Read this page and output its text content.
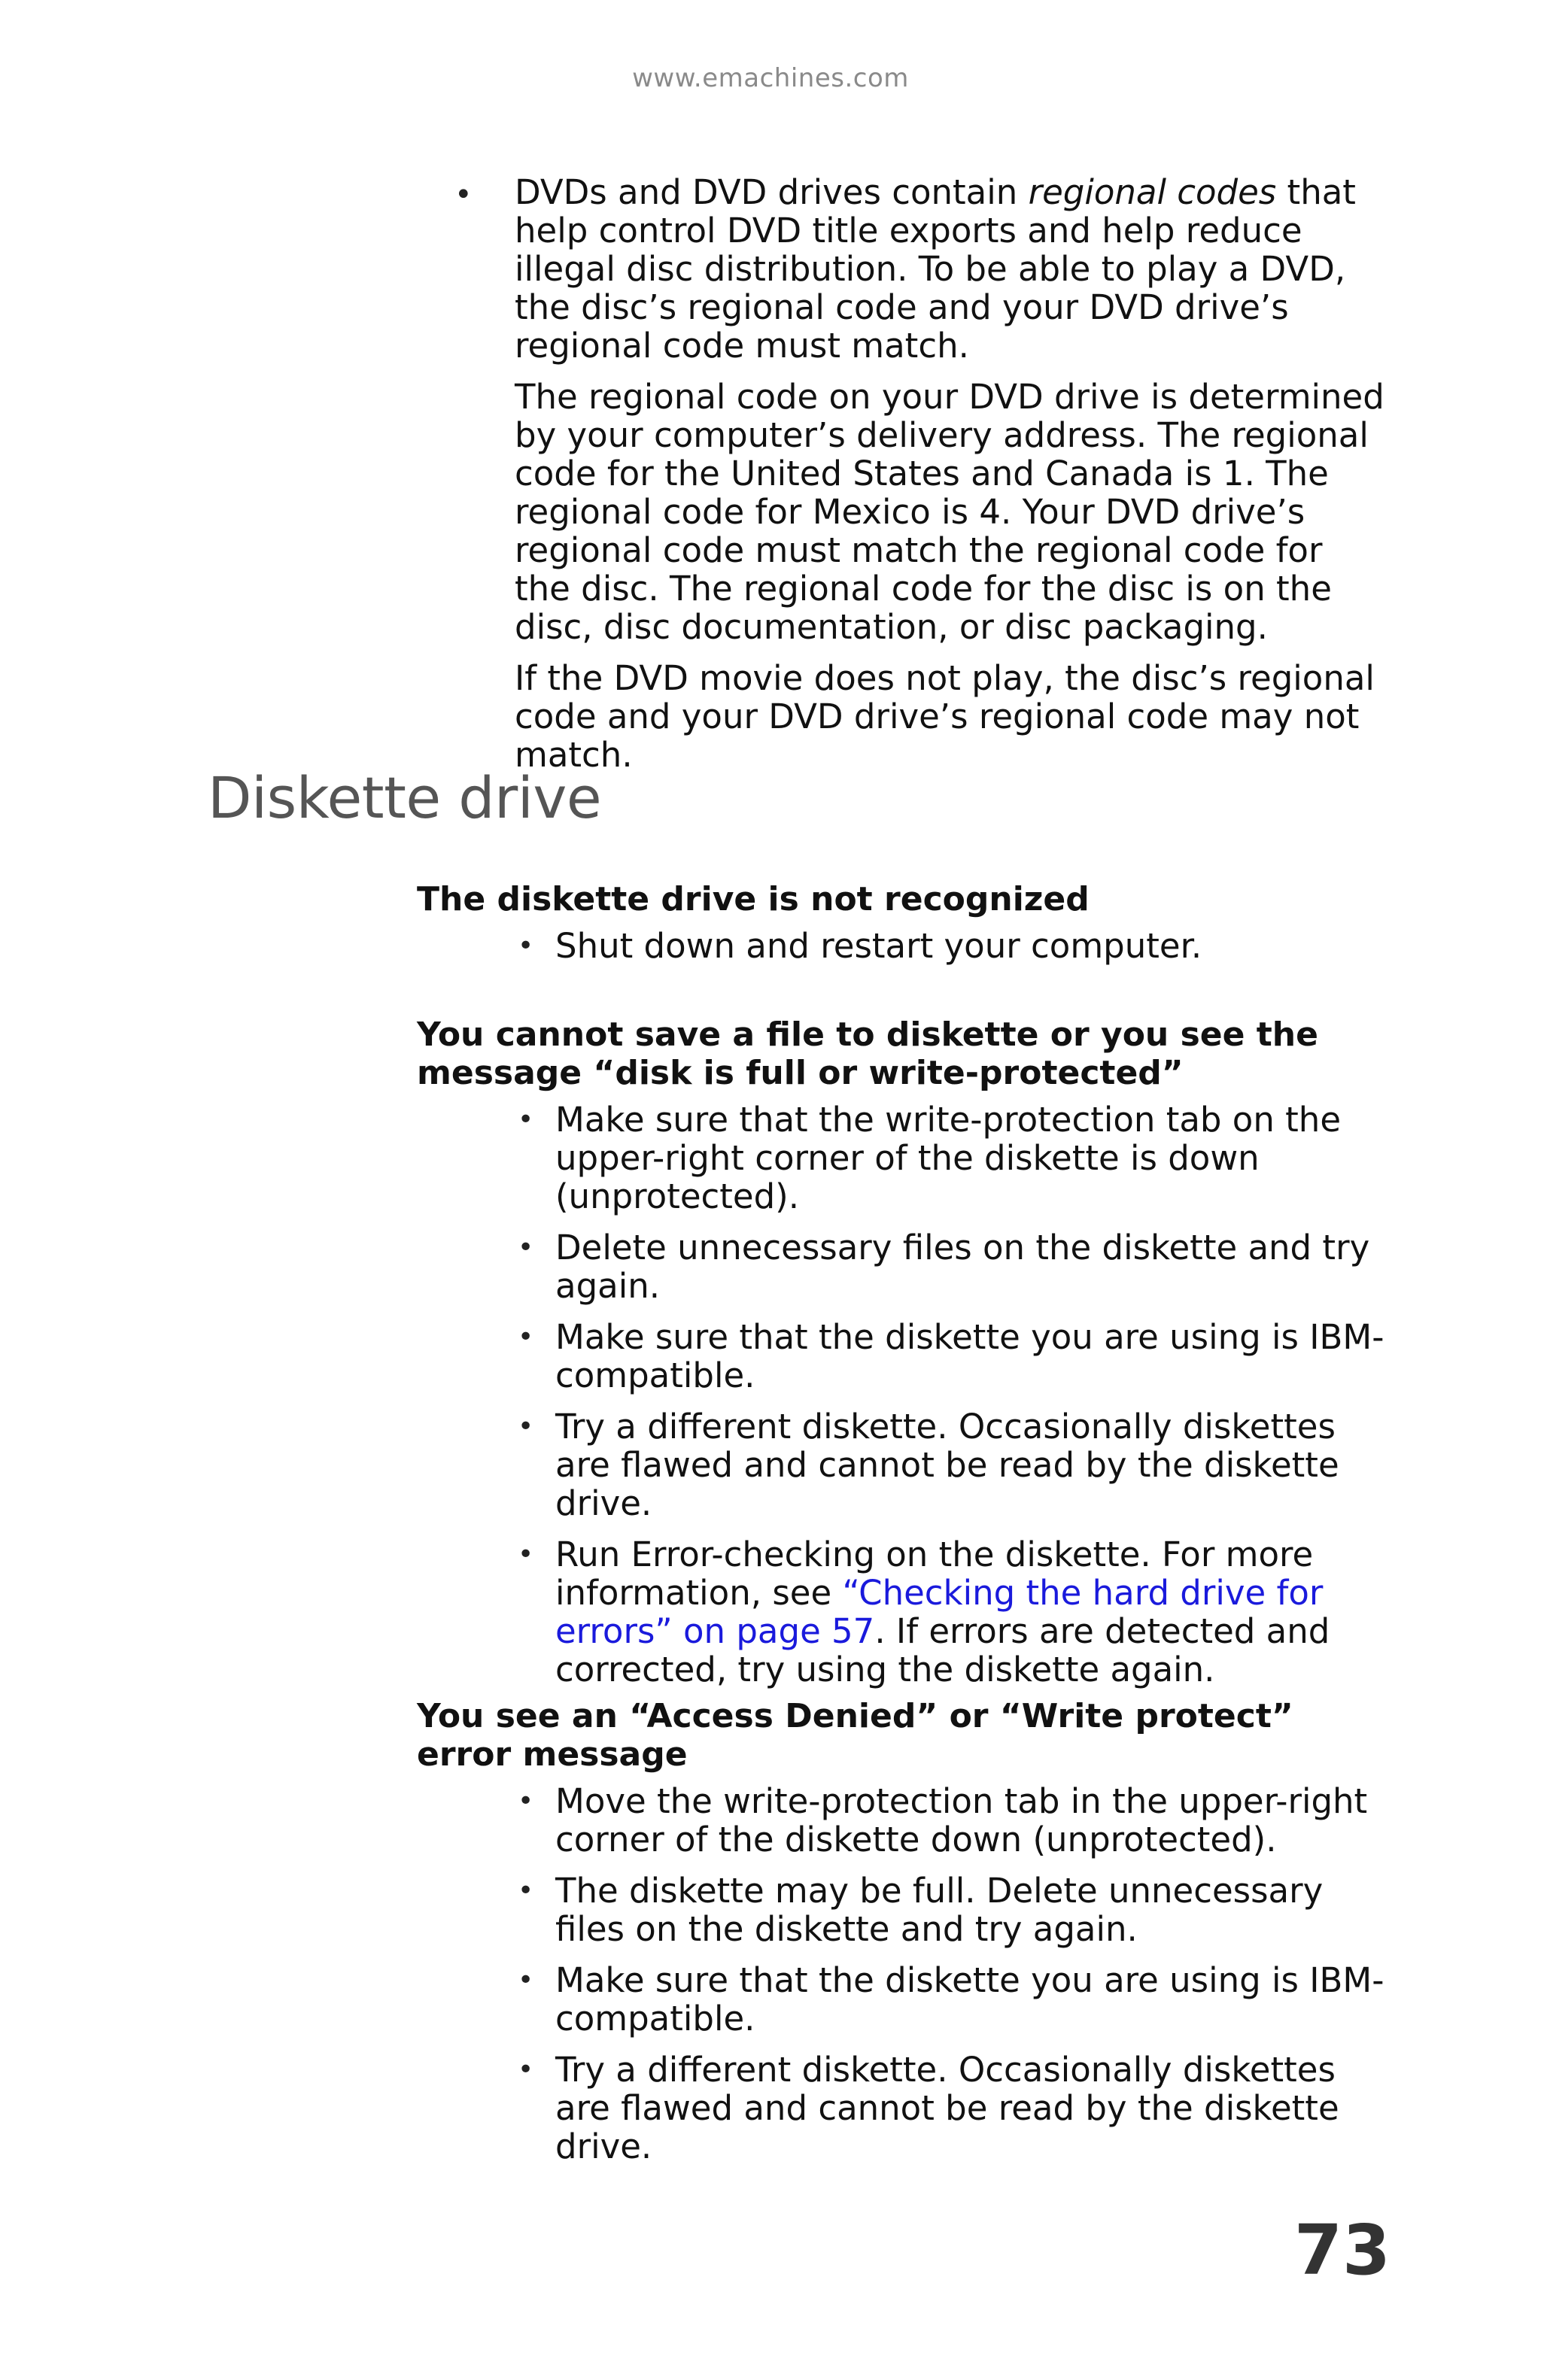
www.emachines.com
• DVDs and DVD drives contain regional codes that help control DVD title exports and help reduce illegal disc distribution. To be able to play a DVD, the disc’s regional code and your DVD drive’s regional code must match.

The regional code on your DVD drive is determined by your computer’s delivery address. The regional code for the United States and Canada is 1. The regional code for Mexico is 4. Your DVD drive’s regional code must match the regional code for the disc. The regional code for the disc is on the disc, disc documentation, or disc packaging.

If the DVD movie does not play, the disc’s regional code and your DVD drive’s regional code may not match.

Diskette drive
The diskette drive is not recognized
• Shut down and restart your computer.
You cannot save a file to diskette or you see the message “disk is full or write-protected”
• Make sure that the write-protection tab on the upper-right corner of the diskette is down (unprotected).
• Delete unnecessary files on the diskette and try again.
• Make sure that the diskette you are using is IBM-compatible.
• Try a different diskette. Occasionally diskettes are flawed and cannot be read by the diskette drive.
• Run Error-checking on the diskette. For more information, see “Checking the hard drive for errors” on page 57. If errors are detected and corrected, try using the diskette again.
You see an “Access Denied” or “Write protect” error message
• Move the write-protection tab in the upper-right corner of the diskette down (unprotected).
• The diskette may be full. Delete unnecessary files on the diskette and try again.
• Make sure that the diskette you are using is IBM-compatible.
• Try a different diskette. Occasionally diskettes are flawed and cannot be read by the diskette drive.
73
